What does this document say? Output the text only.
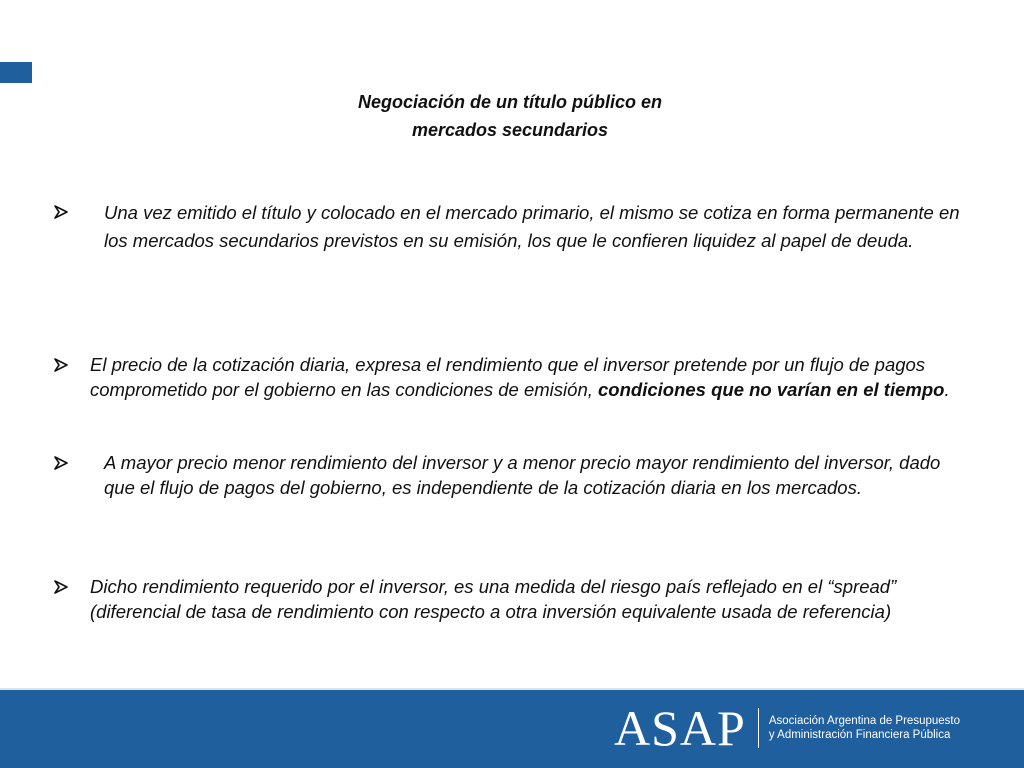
Negociación de un título público en
mercados secundarios
Una vez emitido el título y colocado en el mercado primario, el mismo se cotiza en forma permanente en los mercados secundarios previstos en su emisión, los que le confieren liquidez al papel de deuda.
El precio de la cotización diaria, expresa el rendimiento que el inversor pretende por un flujo de pagos comprometido por el gobierno en las condiciones de emisión, condiciones que no varían en el tiempo.
A mayor precio menor rendimiento del inversor y a menor precio mayor rendimiento del inversor, dado que el flujo de pagos del gobierno, es independiente de la cotización diaria en los mercados.
Dicho rendimiento requerido por el inversor, es una medida del riesgo país reflejado en el “spread” (diferencial de tasa de rendimiento con respecto a otra inversión equivalente usada de referencia)
ASAP Asociación Argentina de Presupuesto
y Administración Financiera Pública
